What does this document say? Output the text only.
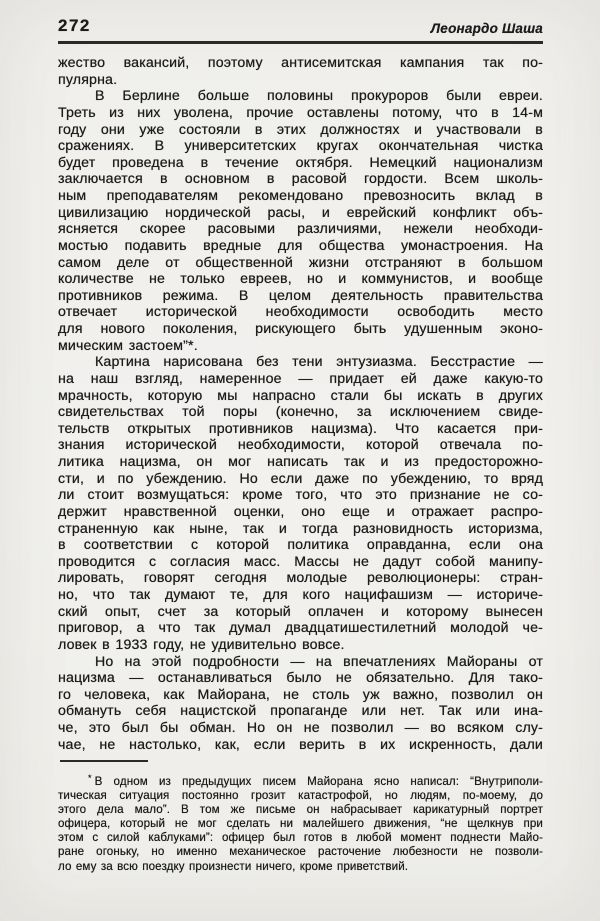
272	Леонардо Шаша
жество вакансий, поэтому антисемитская кампания так по-
пулярна.
В Берлине больше половины прокуроров были евреи.
Треть из них уволена, прочие оставлены потому, что в 14-м
году они уже состояли в этих должностях и участвовали в
сражениях. В университетских кругах окончательная чистка
будет проведена в течение октября. Немецкий национализм
заключается в основном в расовой гордости. Всем школь-
ным преподавателям рекомендовано превозносить вклад в
цивилизацию нордической расы, и еврейский конфликт объ-
ясняется скорее расовыми различиями, нежели необходи-
мостью подавить вредные для общества умонастроения. На
самом деле от общественной жизни отстраняют в большом
количестве не только евреев, но и коммунистов, и вообще
противников режима. В целом деятельность правительства
отвечает исторической необходимости освободить место
для нового поколения, рискующего быть удушенным эконо-
мическим застоем”*.
Картина нарисована без тени энтузиазма. Бесстрастие —
на наш взгляд, намеренное — придает ей даже какую-то
мрачность, которую мы напрасно стали бы искать в других
свидетельствах той поры (конечно, за исключением свиде-
тельств открытых противников нацизма). Что касается при-
знания исторической необходимости, которой отвечала по-
литика нацизма, он мог написать так и из предосторожно-
сти, и по убеждению. Но если даже по убеждению, то вряд
ли стоит возмущаться: кроме того, что это признание не со-
держит нравственной оценки, оно еще и отражает распро-
страненную как ныне, так и тогда разновидность историзма,
в соответствии с которой политика оправданна, если она
проводится с согласия масс. Массы не дадут собой манипу-
лировать, говорят сегодня молодые революционеры: стран-
но, что так думают те, для кого нацифашизм — историче-
ский опыт, счет за который оплачен и которому вынесен
приговор, а что так думал двадцатишестилетний молодой че-
ловек в 1933 году, не удивительно вовсе.
Но на этой подробности — на впечатлениях Майораны от
нацизма — останавливаться было не обязательно. Для тако-
го человека, как Майорана, не столь уж важно, позволил он
обмануть себя нацистской пропаганде или нет. Так или ина-
че, это был бы обман. Но он не позволил — во всяком слу-
чае, не настолько, как, если верить в их искренность, дали
* В одном из предыдущих писем Майорана ясно написал: “Внутриполи-
тическая ситуация постоянно грозит катастрофой, но людям, по-моему, до
этого дела мало”. В том же письме он набрасывает карикатурный портрет
офицера, который не мог сделать ни малейшего движения, “не щелкнув при
этом с силой каблуками”: офицер был готов в любой момент поднести Майо-
ране огоньку, но именно механическое расточение любезности не позволи-
ло ему за всю поездку произнести ничего, кроме приветствий.
